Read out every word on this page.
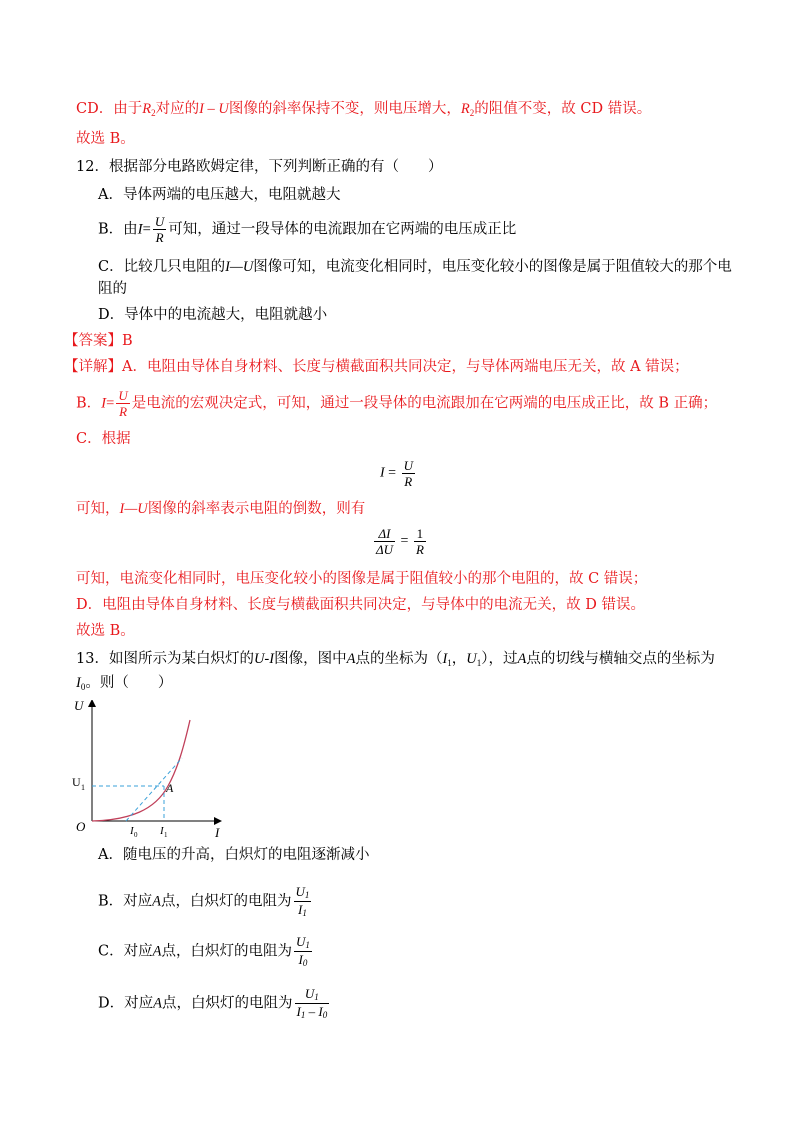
CD．由于$R_2$对应的I – U图像的斜率保持不变，则电压增大，$R_2$的阻值不变，故 CD 错误。
故选 B。
12．根据部分电路欧姆定律，下列判断正确的有（　　）
A．导体两端的电压越大，电阻就越大
B．由$I= \frac{U}{R}$ 可知，通过一段导体的电流跟加在它两端的电压成正比
C．比较几只电阻的I—U图像可知，电流变化相同时，电压变化较小的图像是属于阻值较大的那个电
阻的
D．导体中的电流越大，电阻就越小
【答案】B
【详解】A．电阻由导体自身材料、长度与横截面积共同决定，与导体两端电压无关，故 A 错误；
B．$I= \frac{U}{R}$ 是电流的宏观决定式，可知，通过一段导体的电流跟加在它两端的电压成正比，故 B 正确；
C．根据
$I = \frac{U}{R}$
可知，I—U图像的斜率表示电阻的倒数，则有
$\frac{\Delta I}{\Delta U} = \frac{1}{R}$
可知，电流变化相同时，电压变化较小的图像是属于阻值较小的那个电阻的，故 C 错误；
D．电阻由导体自身材料、长度与横截面积共同决定，与导体中的电流无关，故 D 错误。
故选 B。
13．如图所示为某白炽灯的U-I图像，图中A点的坐标为（$I_1$，$U_1$），过A点的切线与横轴交点的坐标为
$I_0$。则（　　）
U
I
O
U 1	A
I 0 I 1
A．随电压的升高，白炽灯的电阻逐渐减小
B．对应A点，白炽灯的电阻为 $\frac{U1}{I1}$
C．对应A点，白炽灯的电阻为 $\frac{U1}{I0}$
D．对应A点，白炽灯的电阻为 $\frac{U1}{I1 - I0}$
